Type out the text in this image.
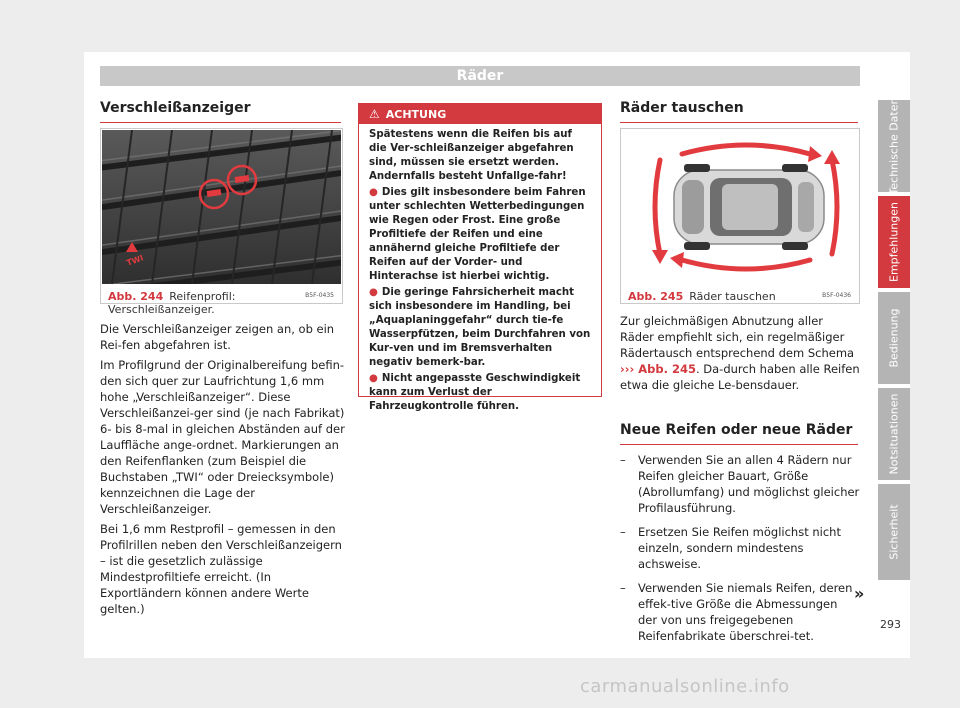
Räder
Verschleißanzeiger
TWI
B5F-0435
Abb. 244 Reifenprofil: Verschleißanzeiger.

Die Verschleißanzeiger zeigen an, ob ein Rei-fen abgefahren ist.

Im Profilgrund der Originalbereifung befin-den sich quer zur Laufrichtung 1,6 mm hohe „Verschleißanzeiger“. Diese Verschleißanzei-ger sind (je nach Fabrikat) 6- bis 8-mal in gleichen Abständen auf der Lauffläche ange-ordnet. Markierungen an den Reifenflanken (zum Beispiel die Buchstaben „TWI“ oder Dreiecksymbole) kennzeichnen die Lage der Verschleißanzeiger.

Bei 1,6 mm Restprofil – gemessen in den Profilrillen neben den Verschleißanzeigern – ist die gesetzlich zulässige Mindestprofiltiefe erreicht. (In Exportländern können andere Werte gelten.)

⚠ ACHTUNG

Spätestens wenn die Reifen bis auf die Ver-schleißanzeiger abgefahren sind, müssen sie ersetzt werden. Andernfalls besteht Unfallge-fahr!

● Dies gilt insbesondere beim Fahren unter schlechten Wetterbedingungen wie Regen oder Frost. Eine große Profiltiefe der Reifen und eine annähernd gleiche Profiltiefe der Reifen auf der Vorder- und Hinterachse ist hierbei wichtig.

● Die geringe Fahrsicherheit macht sich insbesondere im Handling, bei „Aquaplaninggefahr“ durch tie-fe Wasserpfützen, beim Durchfahren von Kur-ven und im Bremsverhalten negativ bemerk-bar.

● Nicht angepasste Geschwindigkeit kann zum Verlust der Fahrzeugkontrolle führen.

Räder tauschen
B5F-0436
Abb. 245 Räder tauschen

Zur gleichmäßigen Abnutzung aller Räder empfiehlt sich, ein regelmäßiger Rädertausch entsprechend dem Schema ››› Abb. 245. Da-durch haben alle Reifen etwa die gleiche Le-bensdauer.

Neue Reifen oder neue Räder
– Verwenden Sie an allen 4 Rädern nur Reifen gleicher Bauart, Größe (Abrollumfang) und möglichst gleicher Profilausführung.
– Ersetzen Sie Reifen möglichst nicht einzeln, sondern mindestens achsweise.
– Verwenden Sie niemals Reifen, deren effek-tive Größe die Abmessungen der von uns freigegebenen Reifenfabrikate überschrei-tet.
»
Technische Daten
Empfehlungen
Bedienung
Notsituationen
Sicherheit
293
carmanualsonline.info
